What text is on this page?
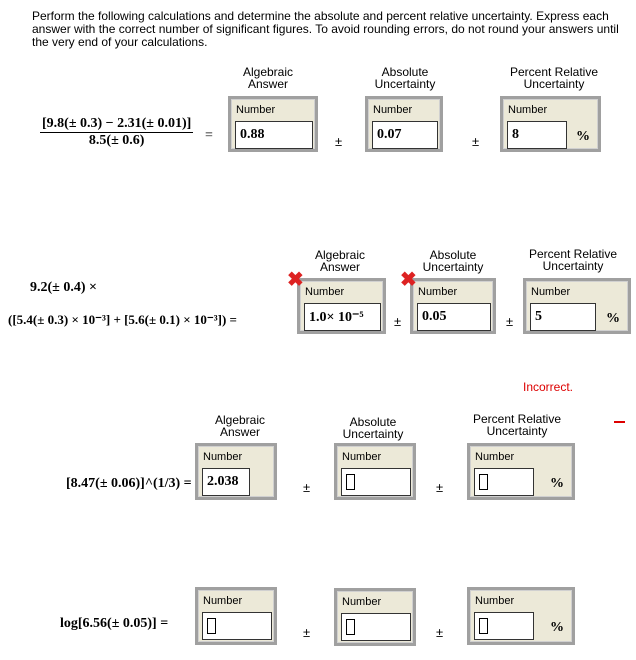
Perform the following calculations and determine the absolute and percent relative uncertainty. Express each answer with the correct number of significant figures. To avoid rounding errors, do not round your answers until the very end of your calculations.
Algebraic
Answer
Absolute
Uncertainty
Percent Relative
Uncertainty
[9.8(± 0.3) − 2.31(± 0.01)]
8.5(± 0.6)	=
Number
0.88	±
Number
0.07	±
Number
8	%
Algebraic
Answer
Absolute
Uncertainty
Percent Relative
Uncertainty
9.2(± 0.4) ×
([5.4(± 0.3) × 10⁻³] + [5.6(± 0.1) × 10⁻³]) =
Number
1.0× 10⁻⁵
✖
±
Number
0.05
✖
±
Number
5	%
Incorrect.
Algebraic
Answer
Absolute
Uncertainty
Percent Relative
Uncertainty
[8.47(± 0.06)]^(1/3) =
Number
2.038	±
Number
±
Number
%
log[6.56(± 0.05)] =
Number
±
Number
±
Number
%
